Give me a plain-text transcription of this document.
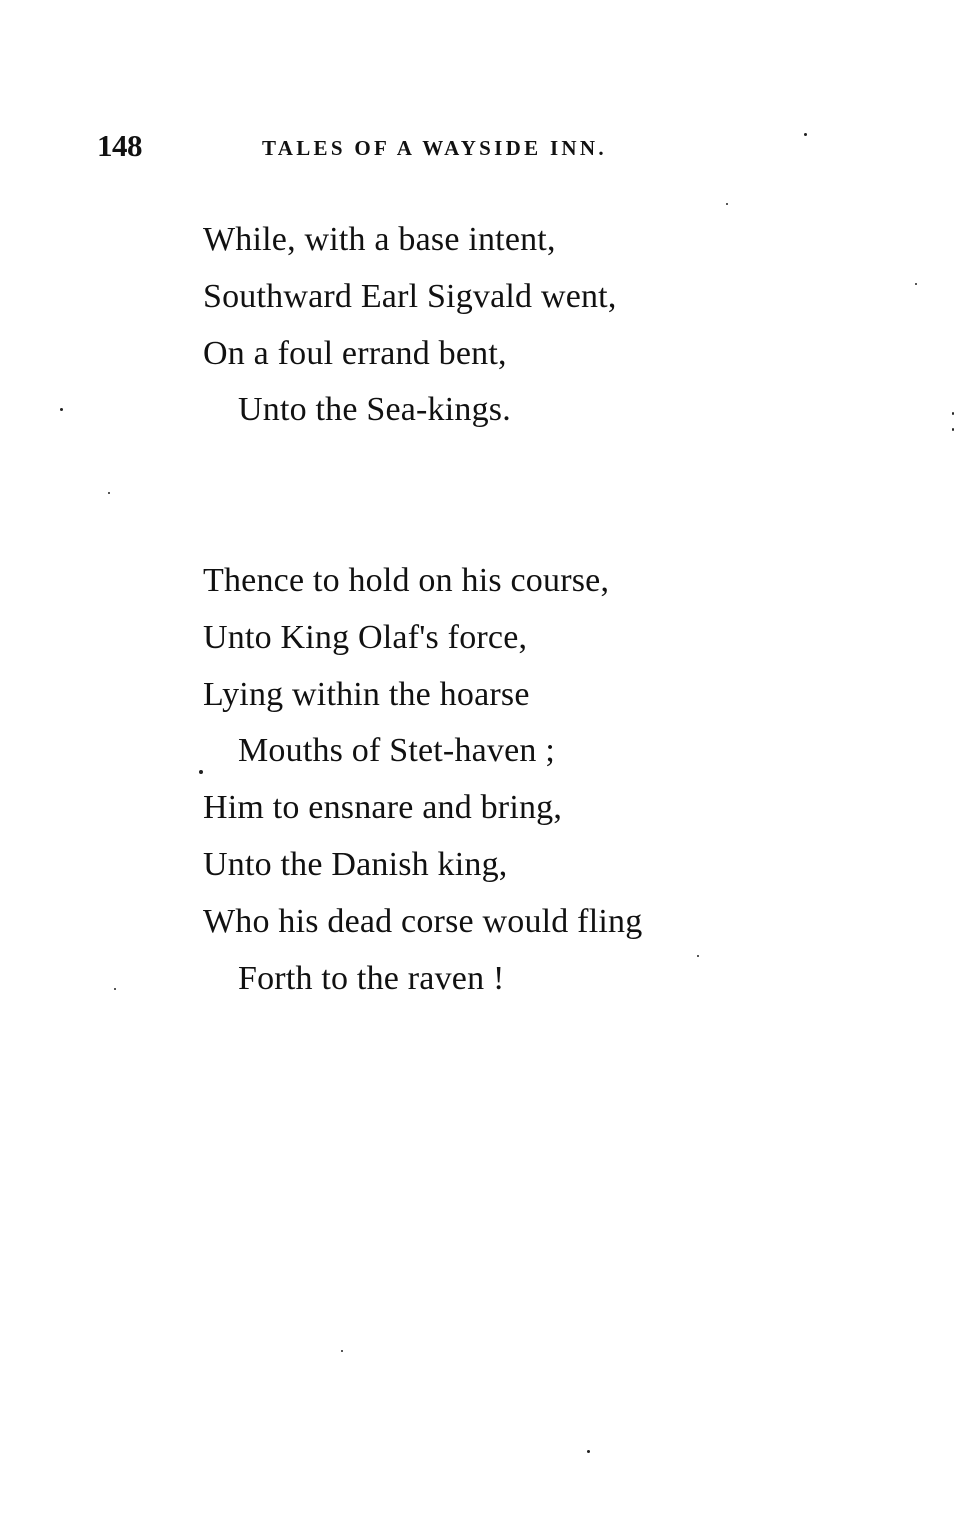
148	TALES OF A WAYSIDE INN.
While, with a base intent,
Southward Earl Sigvald went,
On a foul errand bent,
Unto the Sea-kings.
Thence to hold on his course,
Unto King Olaf's force,
Lying within the hoarse
Mouths of Stet-haven ;
Him to ensnare and bring,
Unto the Danish king,
Who his dead corse would fling
Forth to the raven !
